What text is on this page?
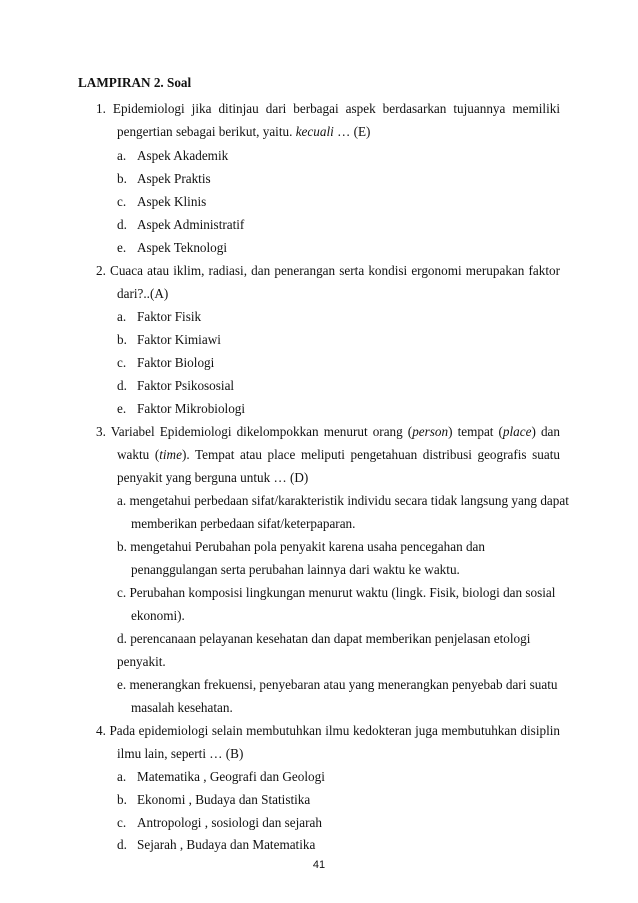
LAMPIRAN 2. Soal
1. Epidemiologi jika ditinjau dari berbagai aspek berdasarkan tujuannya memiliki
pengertian sebagai berikut, yaitu. kecuali … (E)
a. Aspek Akademik
b. Aspek Praktis
c. Aspek Klinis
d. Aspek Administratif
e. Aspek Teknologi
2. Cuaca atau iklim, radiasi, dan penerangan serta kondisi ergonomi merupakan faktor
dari?..(A)
a. Faktor Fisik
b. Faktor Kimiawi
c. Faktor Biologi
d. Faktor Psikososial
e. Faktor Mikrobiologi
3. Variabel Epidemiologi dikelompokkan menurut orang (person) tempat (place) dan
waktu (time). Tempat atau place meliputi pengetahuan distribusi geografis suatu
penyakit yang berguna untuk … (D)
a. mengetahui perbedaan sifat/karakteristik individu secara tidak langsung yang dapat
memberikan perbedaan sifat/keterpaparan.
b. mengetahui Perubahan pola penyakit karena usaha pencegahan dan
penanggulangan serta perubahan lainnya dari waktu ke waktu.
c. Perubahan komposisi lingkungan menurut waktu (lingk. Fisik, biologi dan sosial
ekonomi).
d. perencanaan pelayanan kesehatan dan dapat memberikan penjelasan etologi
penyakit.
e. menerangkan frekuensi, penyebaran atau yang menerangkan penyebab dari suatu
masalah kesehatan.
4. Pada epidemiologi selain membutuhkan ilmu kedokteran juga membutuhkan disiplin
ilmu lain, seperti … (B)
a. Matematika , Geografi dan Geologi
b. Ekonomi , Budaya dan Statistika
c. Antropologi , sosiologi dan sejarah
d. Sejarah , Budaya dan Matematika
41
